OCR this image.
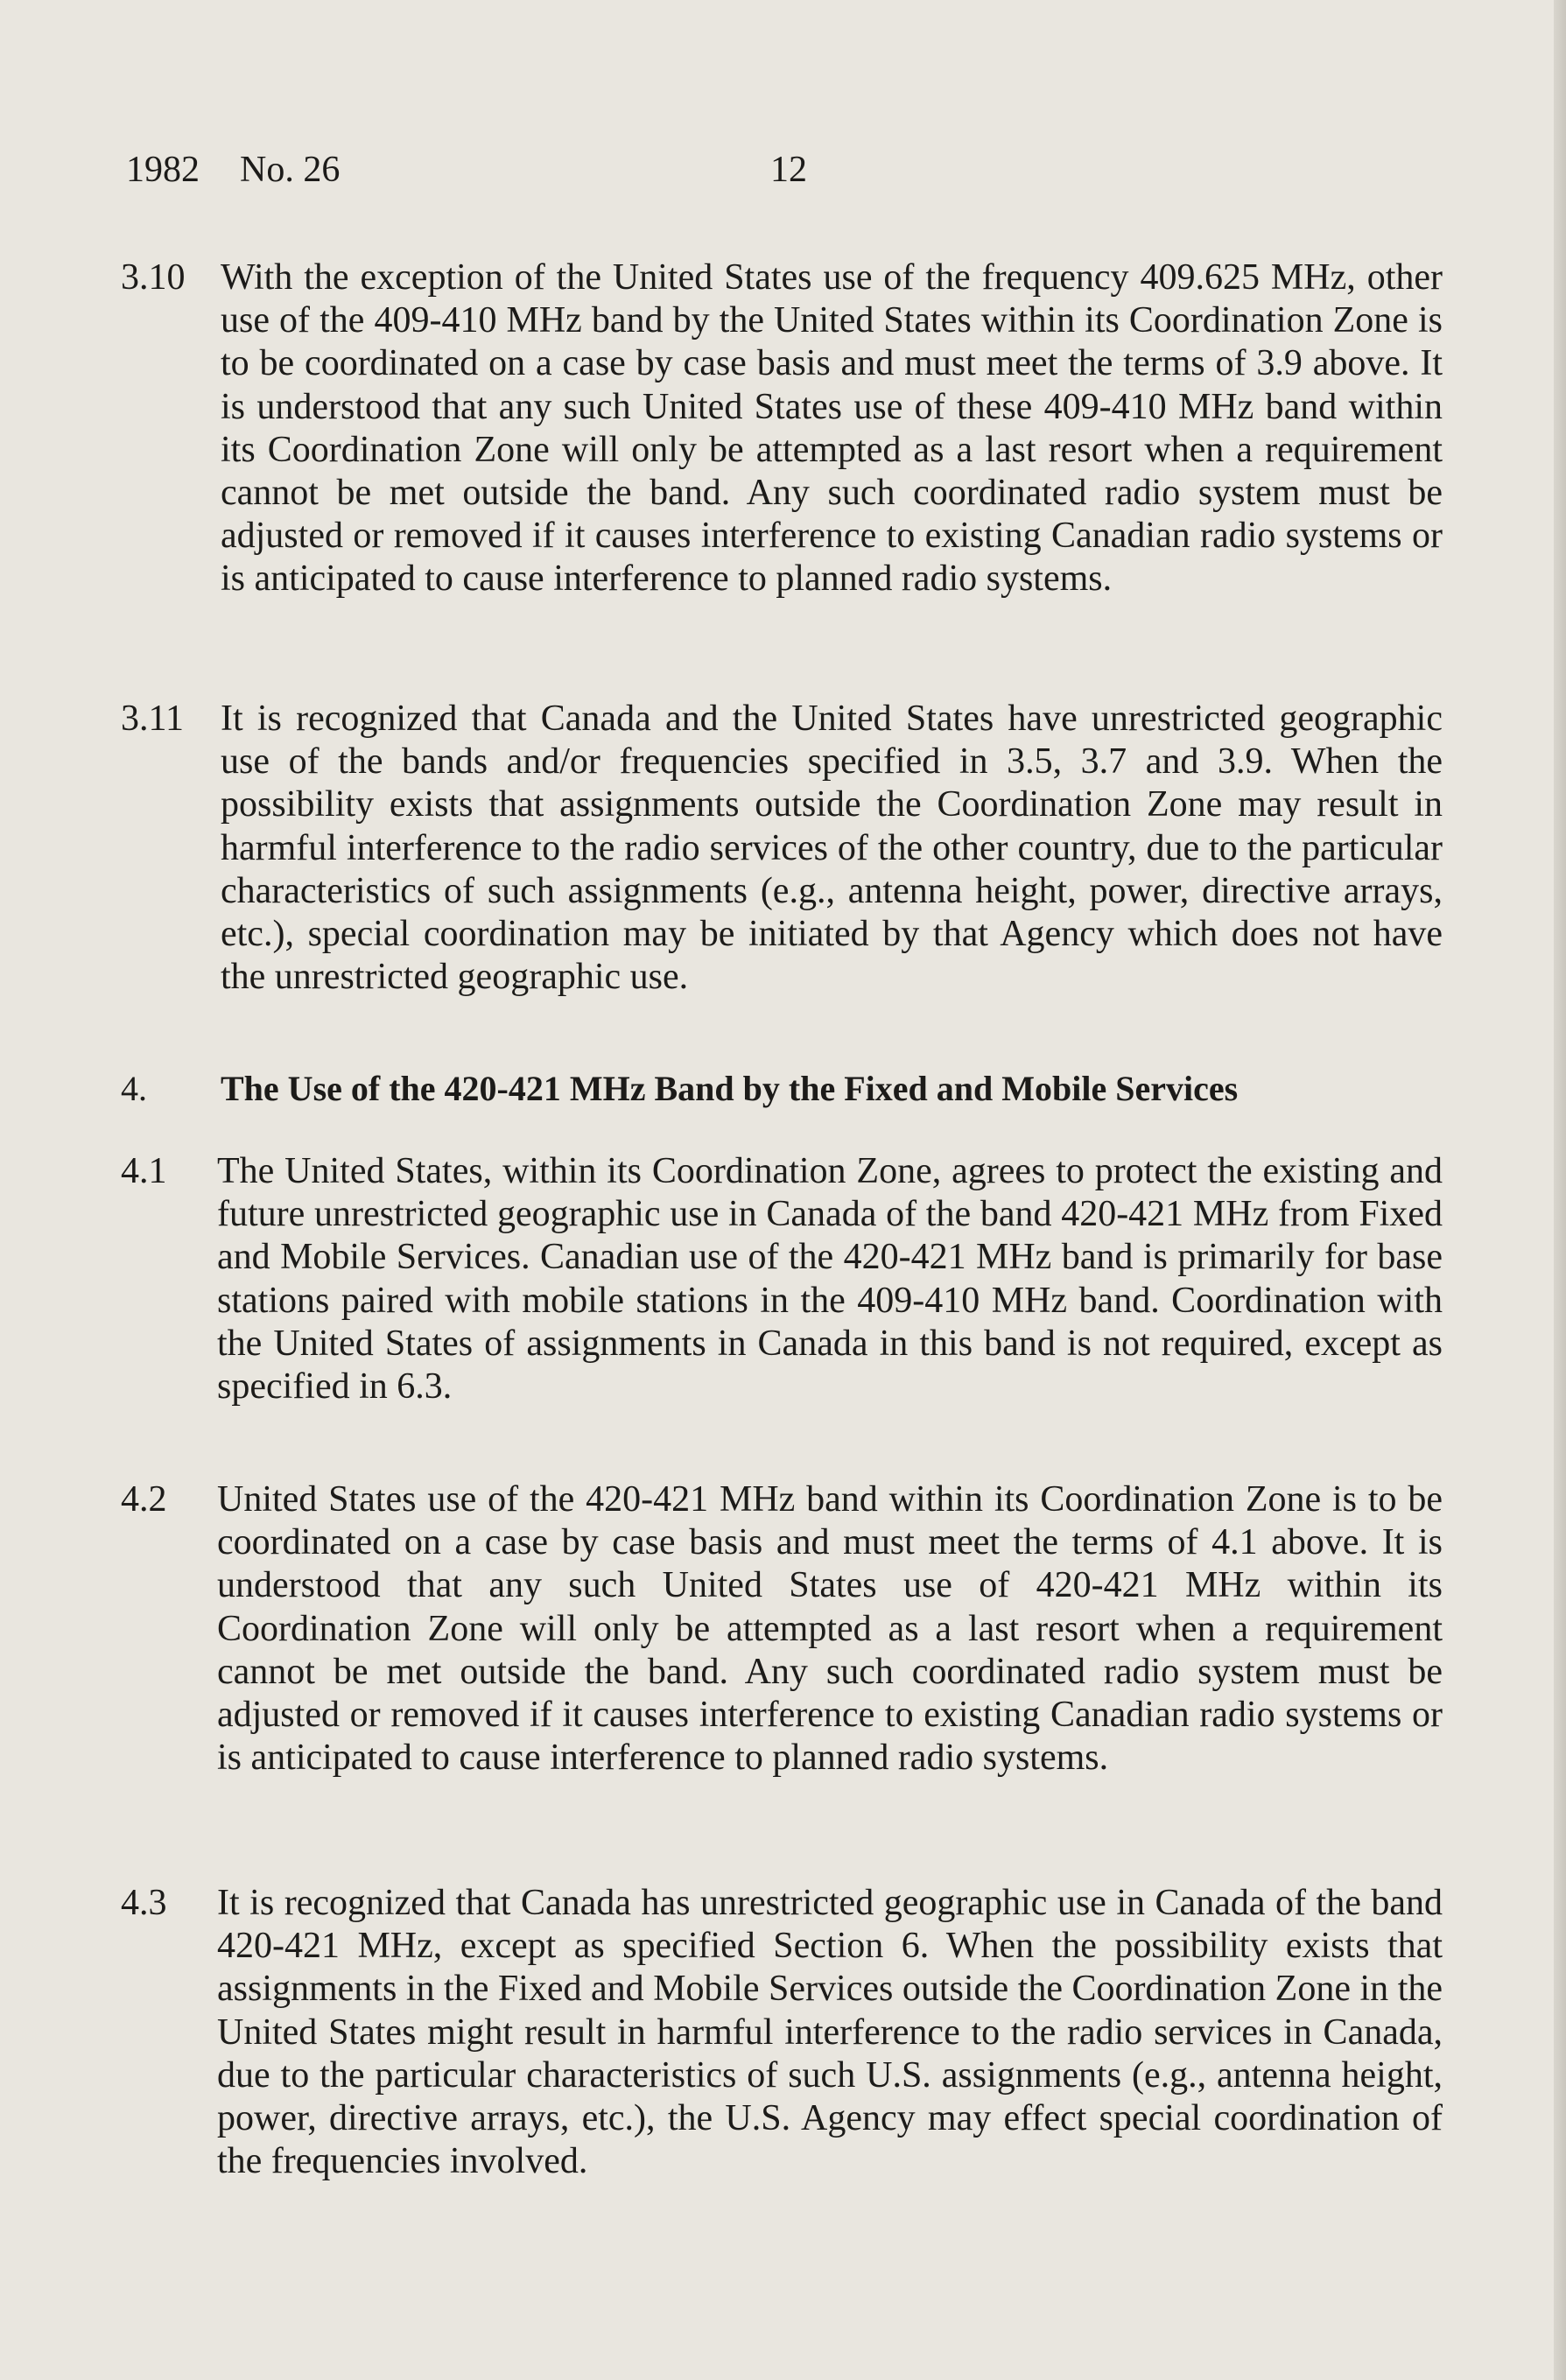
1982 No. 26	12
3.10 With the exception of the United States use of the frequency 409.625 MHz, other use of the 409-410 MHz band by the United States within its Coordination Zone is to be coordinated on a case by case basis and must meet the terms of 3.9 above. It is understood that any such United States use of these 409-410 MHz band within its Coordination Zone will only be attempted as a last resort when a requirement cannot be met outside the band. Any such coordinated radio system must be adjusted or removed if it causes interference to existing Canadian radio systems or is anticipated to cause interference to planned radio systems.
3.11 It is recognized that Canada and the United States have unrestricted geographic use of the bands and/or frequencies specified in 3.5, 3.7 and 3.9. When the possibility exists that assignments outside the Coordination Zone may result in harmful interference to the radio services of the other country, due to the particular characteristics of such assignments (e.g., antenna height, power, directive arrays, etc.), special coordination may be initiated by that Agency which does not have the unrestricted geographic use.
4. The Use of the 420-421 MHz Band by the Fixed and Mobile Services
4.1 The United States, within its Coordination Zone, agrees to protect the existing and future unrestricted geographic use in Canada of the band 420-421 MHz from Fixed and Mobile Services. Canadian use of the 420-421 MHz band is primarily for base stations paired with mobile stations in the 409-410 MHz band. Coordination with the United States of assignments in Canada in this band is not required, except as specified in 6.3.
4.2 United States use of the 420-421 MHz band within its Coordination Zone is to be coordinated on a case by case basis and must meet the terms of 4.1 above. It is understood that any such United States use of 420-421 MHz within its Coordination Zone will only be attempted as a last resort when a requirement cannot be met outside the band. Any such coordinated radio system must be adjusted or removed if it causes interference to existing Canadian radio systems or is anticipated to cause interference to planned radio systems.
4.3 It is recognized that Canada has unrestricted geographic use in Canada of the band 420-421 MHz, except as specified Section 6. When the possibility exists that assignments in the Fixed and Mobile Services outside the Coordination Zone in the United States might result in harmful interference to the radio services in Canada, due to the particular characteristics of such U.S. assignments (e.g., antenna height, power, directive arrays, etc.), the U.S. Agency may effect special coordination of the frequencies involved.
